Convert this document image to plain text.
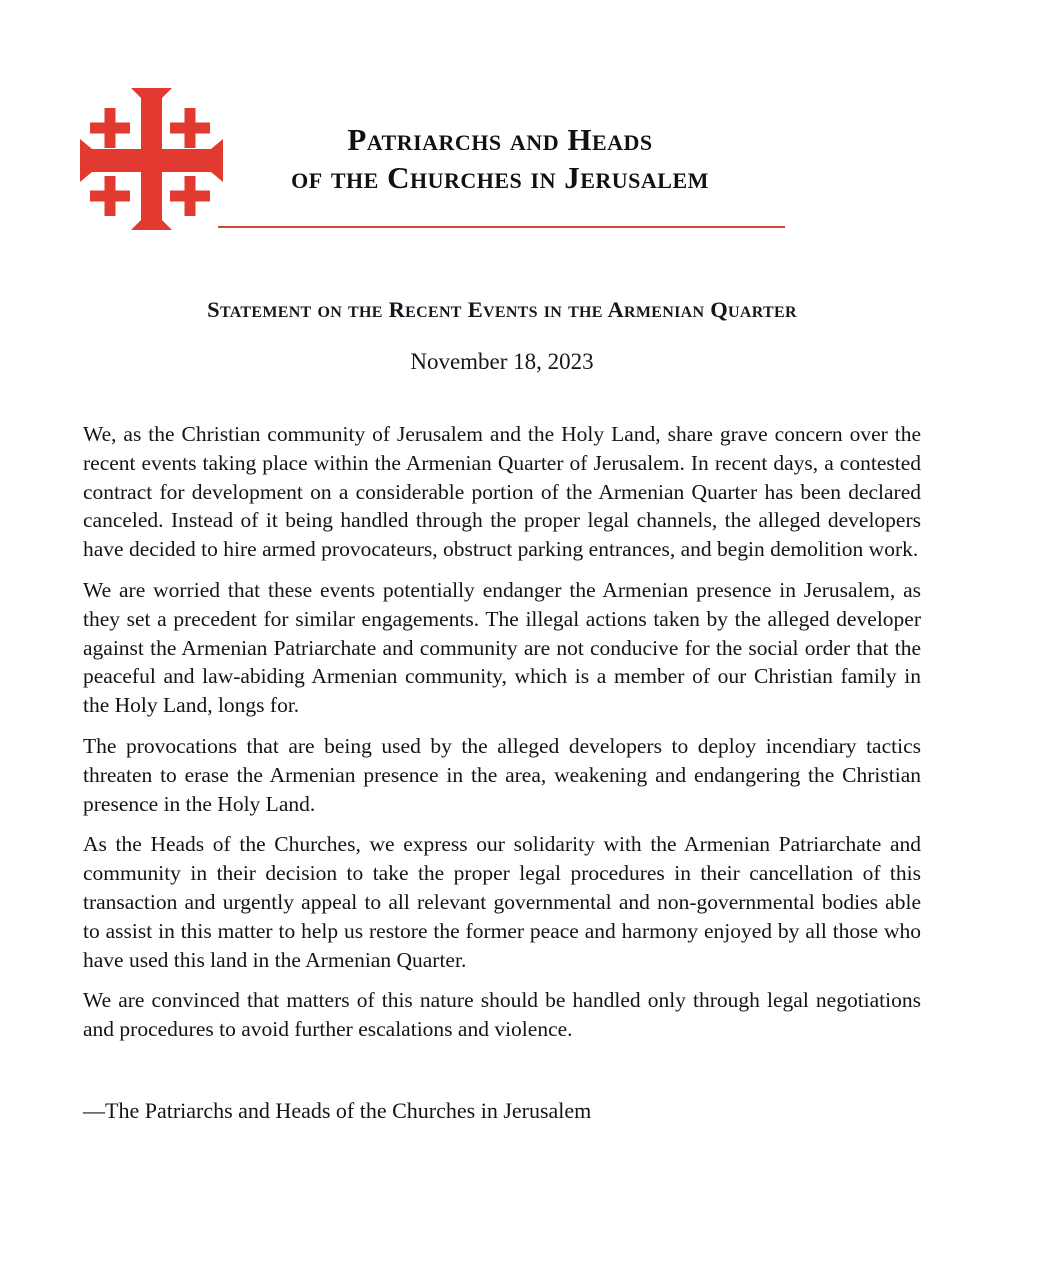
Patriarchs and Heads
of the Churches in Jerusalem
Statement on the Recent Events in the Armenian Quarter
November 18, 2023

We, as the Christian community of Jerusalem and the Holy Land, share grave concern over the recent events taking place within the Armenian Quarter of Jerusalem. In recent days, a contested contract for development on a considerable portion of the Armenian Quarter has been declared canceled. Instead of it being handled through the proper legal channels, the alleged developers have decided to hire armed provocateurs, obstruct parking entrances, and begin demolition work.

We are worried that these events potentially endanger the Armenian presence in Jerusalem, as they set a precedent for similar engagements. The illegal actions taken by the alleged developer against the Armenian Patriarchate and community are not conducive for the social order that the peaceful and law-abiding Armenian community, which is a member of our Christian family in the Holy Land, longs for.

The provocations that are being used by the alleged developers to deploy incendiary tactics threaten to erase the Armenian presence in the area, weakening and endangering the Christian presence in the Holy Land.

As the Heads of the Churches, we express our solidarity with the Armenian Patriarchate and community in their decision to take the proper legal procedures in their cancellation of this transaction and urgently appeal to all relevant governmental and non-governmental bodies able to assist in this matter to help us restore the former peace and harmony enjoyed by all those who have used this land in the Armenian Quarter.

We are convinced that matters of this nature should be handled only through legal negotiations and procedures to avoid further escalations and violence.

—The Patriarchs and Heads of the Churches in Jerusalem
